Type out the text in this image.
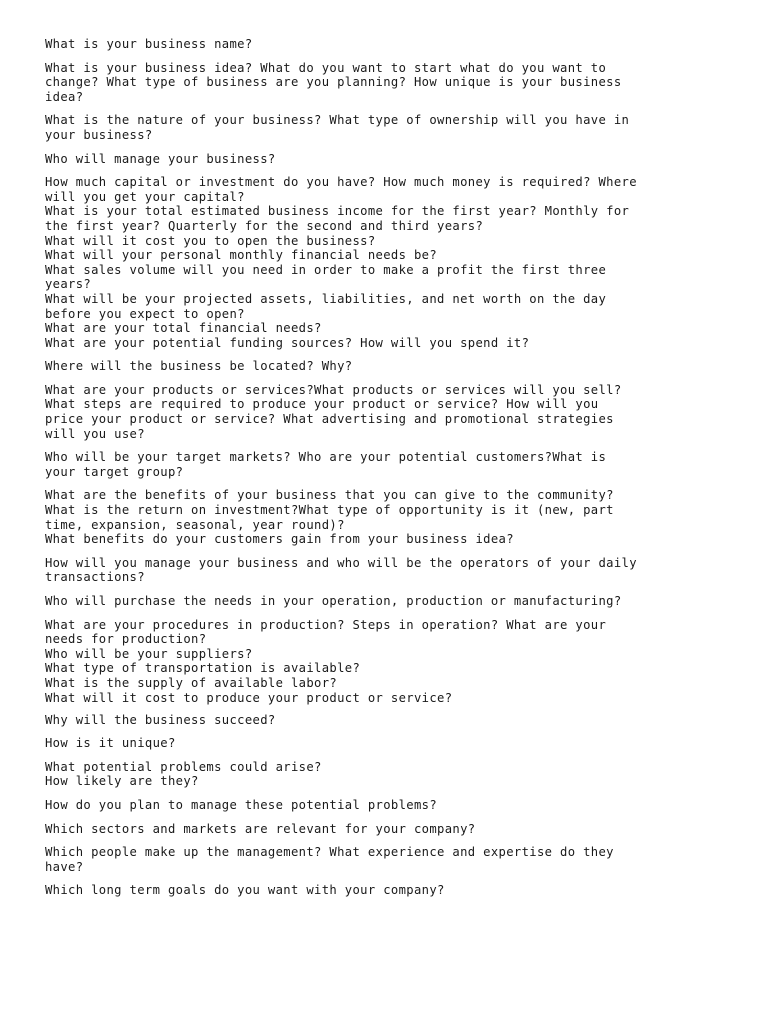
What is your business name?
What is your business idea? What do you want to start what do you want to
change? What type of business are you planning? How unique is your business
idea?
What is the nature of your business? What type of ownership will you have in
your business?
Who will manage your business?
How much capital or investment do you have? How much money is required? Where
will you get your capital?
What is your total estimated business income for the first year? Monthly for
the first year? Quarterly for the second and third years?
What will it cost you to open the business?
What will your personal monthly financial needs be?
What sales volume will you need in order to make a profit the first three
years?
What will be your projected assets, liabilities, and net worth on the day
before you expect to open?
What are your total financial needs?
What are your potential funding sources? How will you spend it?
Where will the business be located? Why?
What are your products or services?What products or services will you sell?
What steps are required to produce your product or service? How will you
price your product or service? What advertising and promotional strategies
will you use?
Who will be your target markets? Who are your potential customers?What is
your target group?
What are the benefits of your business that you can give to the community?
What is the return on investment?What type of opportunity is it (new, part
time, expansion, seasonal, year round)?
What benefits do your customers gain from your business idea?
How will you manage your business and who will be the operators of your daily
transactions?
Who will purchase the needs in your operation, production or manufacturing?
What are your procedures in production? Steps in operation? What are your
needs for production?
Who will be your suppliers?
What type of transportation is available?
What is the supply of available labor?
What will it cost to produce your product or service?
Why will the business succeed?
How is it unique?
What potential problems could arise?
How likely are they?
How do you plan to manage these potential problems?
Which sectors and markets are relevant for your company?
Which people make up the management? What experience and expertise do they
have?
Which long term goals do you want with your company?
